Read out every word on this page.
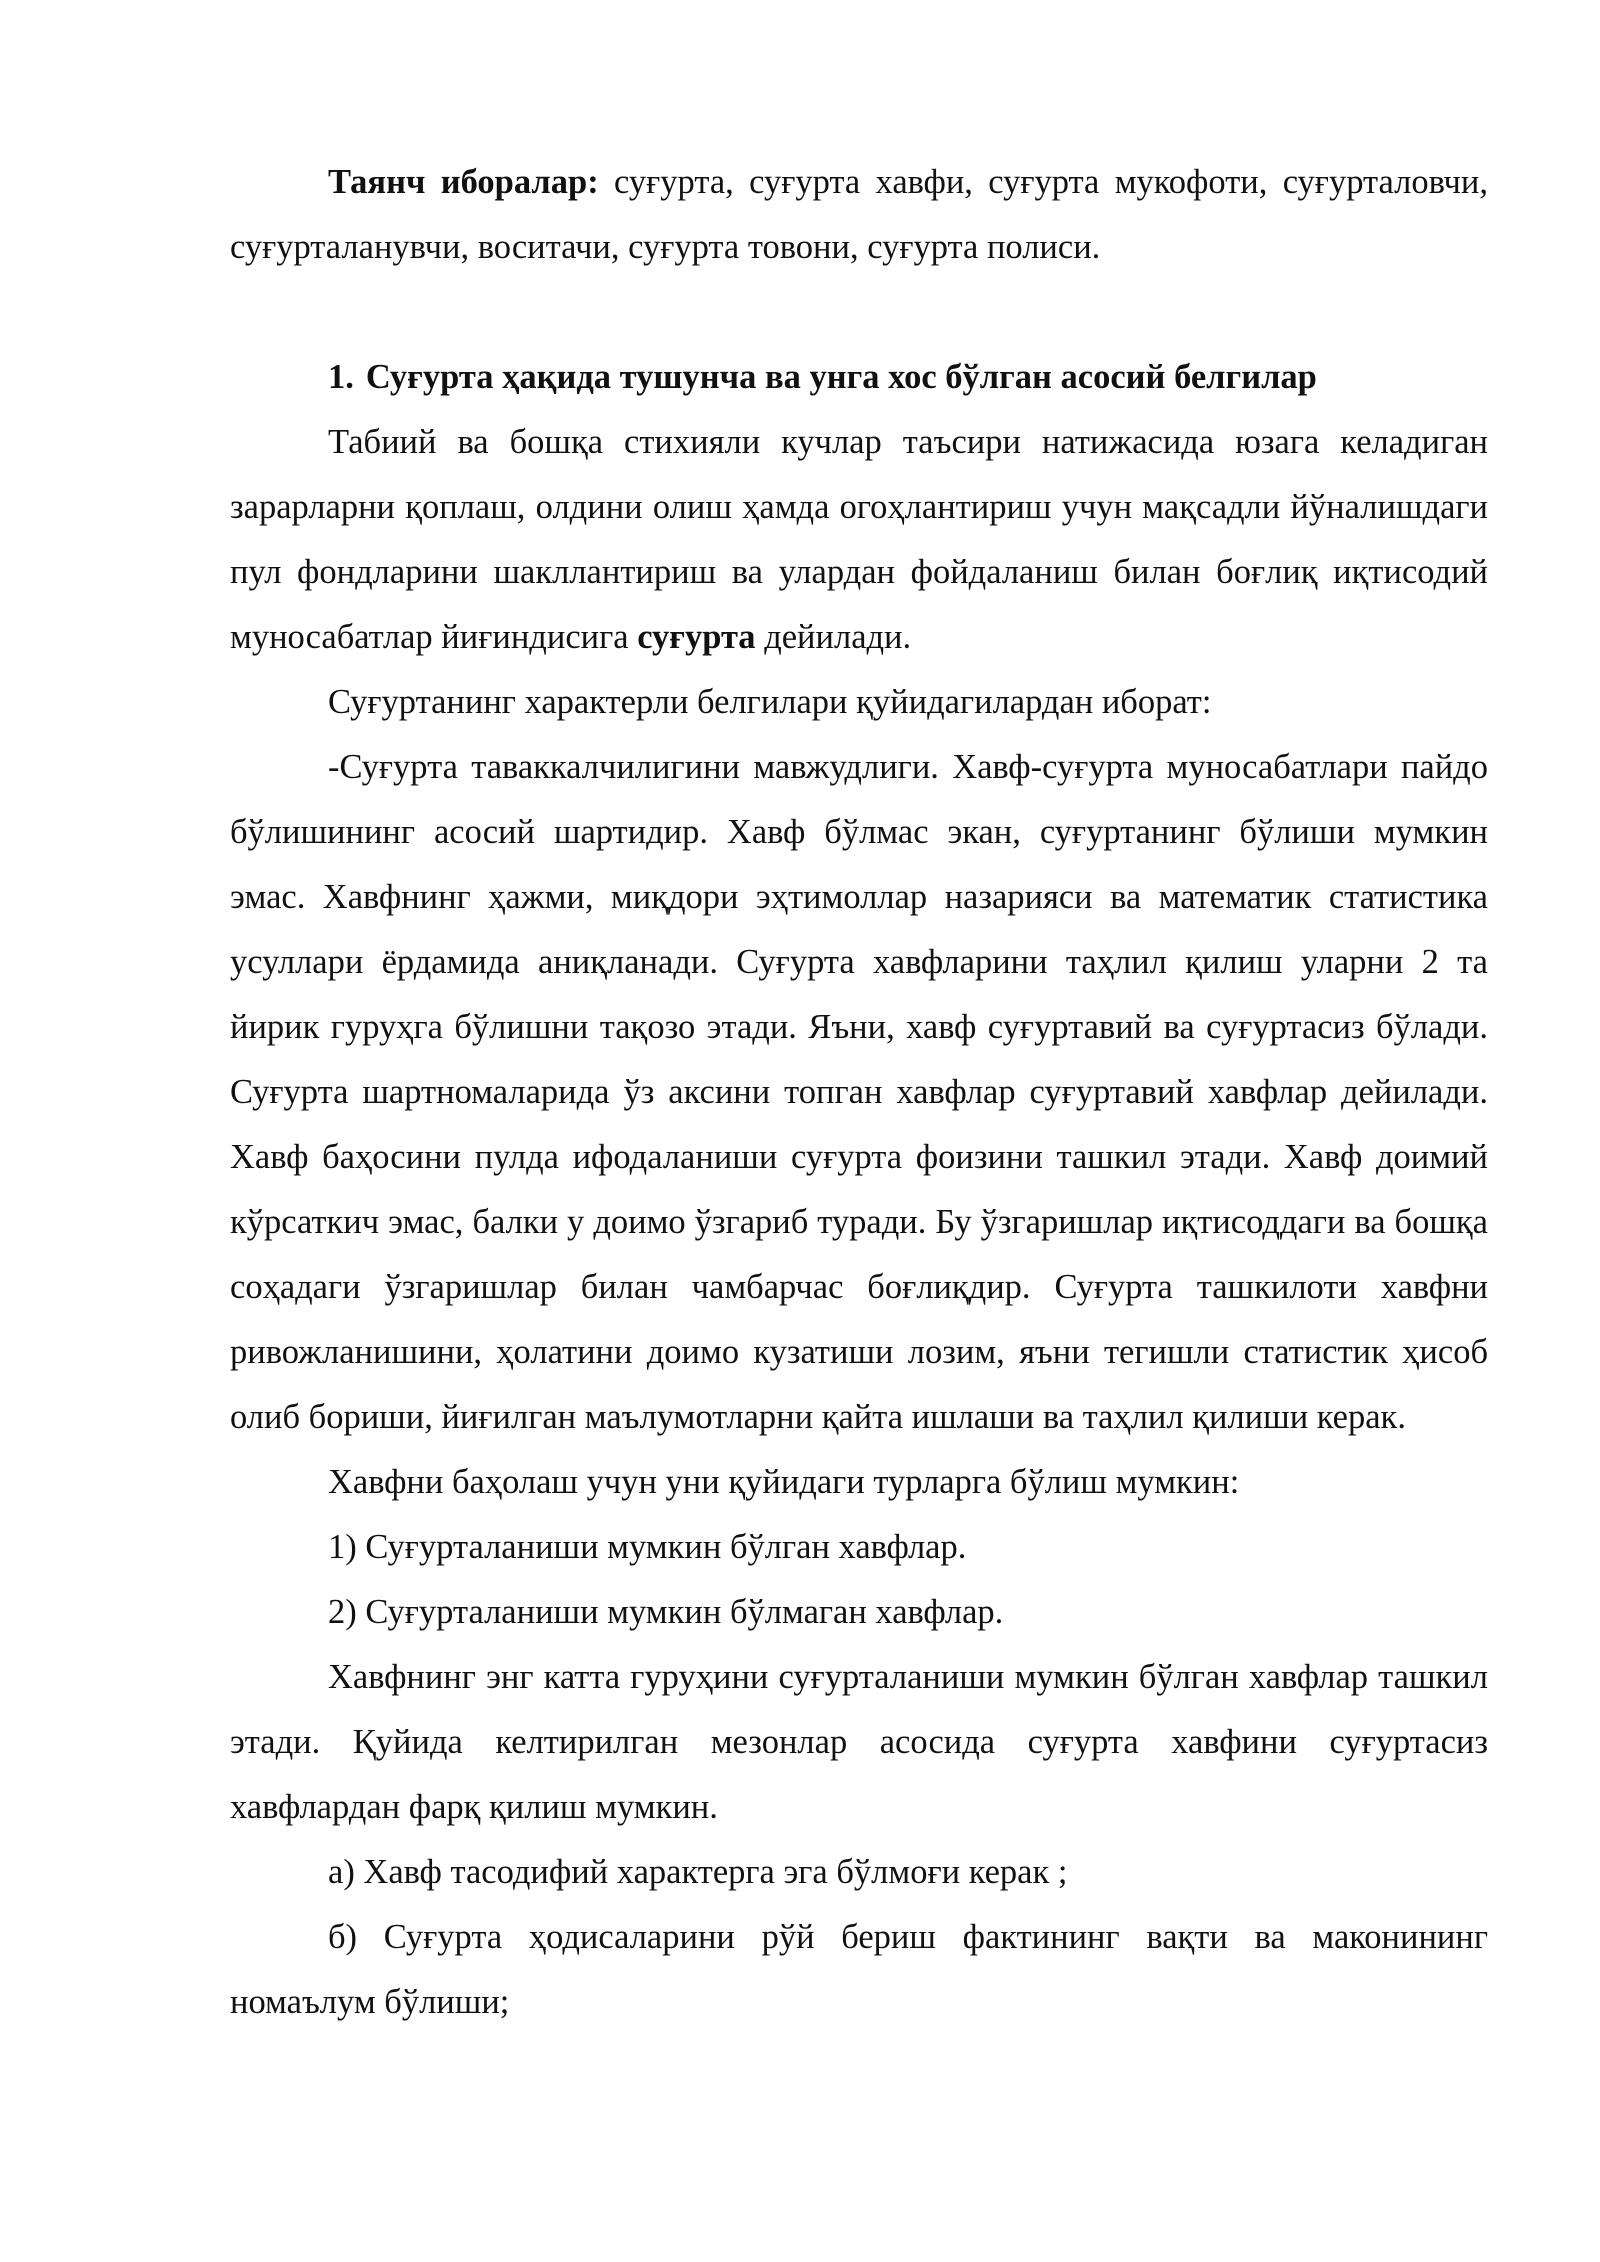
Таянч иборалар: суғурта, суғурта хавфи, суғурта мукофоти, суғурталовчи, суғурталанувчи, воситачи, суғурта товони, суғурта полиси.

1. Суғурта ҳақида тушунча ва унга хос бўлган асосий белгилар

Табиий ва бошқа стихияли кучлар таъсири натижасида юзага келадиган зарарларни қоплаш, олдини олиш ҳамда огоҳлантириш учун мақсадли йўналишдаги пул фондларини шакллантириш ва улардан фойдаланиш билан боғлиқ иқтисодий муносабатлар йиғиндисига суғурта дейилади.

Суғуртанинг характерли белгилари қуйидагилардан иборат:

-Суғурта таваккалчилигини мавжудлиги. Хавф-суғурта муносабатлари пайдо бўлишининг асосий шартидир. Хавф бўлмас экан, суғуртанинг бўлиши мумкин эмас. Хавфнинг ҳажми, миқдори эҳтимоллар назарияси ва математик статистика усуллари ёрдамида аниқланади. Суғурта хавфларини таҳлил қилиш уларни 2 та йирик гуруҳга бўлишни тақозо этади. Яъни, хавф суғуртавий ва суғуртасиз бўлади. Суғурта шартномаларида ўз аксини топган хавфлар суғуртавий хавфлар дейилади. Хавф баҳосини пулда ифодаланиши суғурта фоизини ташкил этади. Хавф доимий кўрсаткич эмас, балки у доимо ўзгариб туради. Бу ўзгаришлар иқтисоддаги ва бошқа соҳадаги ўзгаришлар билан чамбарчас боғлиқдир. Суғурта ташкилоти хавфни ривожланишини, ҳолатини доимо кузатиши лозим, яъни тегишли статистик ҳисоб олиб бориши, йиғилган маълумотларни қайта ишлаши ва таҳлил қилиши керак.

Хавфни баҳолаш учун уни қуйидаги турларга бўлиш мумкин:

1) Суғурталаниши мумкин бўлган хавфлар.

2) Суғурталаниши мумкин бўлмаган хавфлар.

Хавфнинг энг катта гуруҳини суғурталаниши мумкин бўлган хавфлар ташкил этади. Қуйида келтирилган мезонлар асосида суғурта хавфини суғуртасиз хавфлардан фарқ қилиш мумкин.

а) Хавф тасодифий характерга эга бўлмоғи керак ;

б) Суғурта ҳодисаларини рўй бериш фактининг вақти ва маконининг номаълум бўлиши;
